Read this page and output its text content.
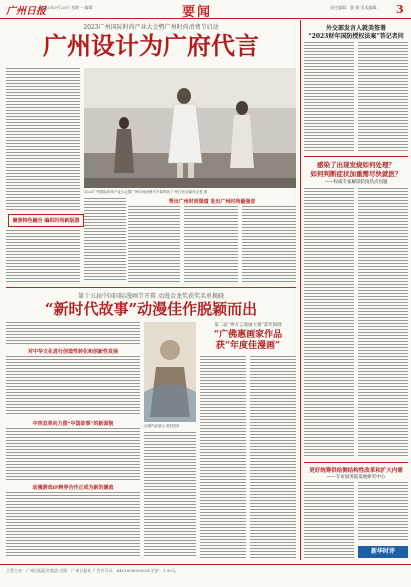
广州日报
2023年9月25日 星期一 编辑：	要闻	责任编辑：曹 娟 美术编辑： 3
2023广州国际时尚产业大会暨广州时尚消费节启动
广州设计为广府代言
聚焦特色融合 编织时尚新版图
2023广州国际时尚产业大会暨广州时尚消费节开幕现场 广州日报全媒体记者 摄
秀出广州时尚渠道 发出广州时尚最强音
外交部发言人就美签署
“2023财年国防授权法案”答记者问
感染了出现发烧如何处理？
如何判断症状加重需尽快就医？
——权威专家解读防疫热点问题
更好统筹供给侧结构性改革和扩大内需
——专访国务院发展研究中心
新华时评
第十五届中国国际漫画节开幕 动漫金龙奖获奖名单揭晓
“新时代故事”动漫佳作脱颖而出
对中华文化进行创造性转化和创新性发展
中西双单向力图“中国故事”的新面貌
动漫游戏IP跨界合作正成为新的潮流
动漫作品展示 资料图片
第二届“粤方言漫画大赛”获奖揭晓
“广佛惠画家作品
获“年度佳漫画”
主管主办：广州日报报业集团 出版：广州日报社 广告许可证：4401004000054 定价：1.50元
